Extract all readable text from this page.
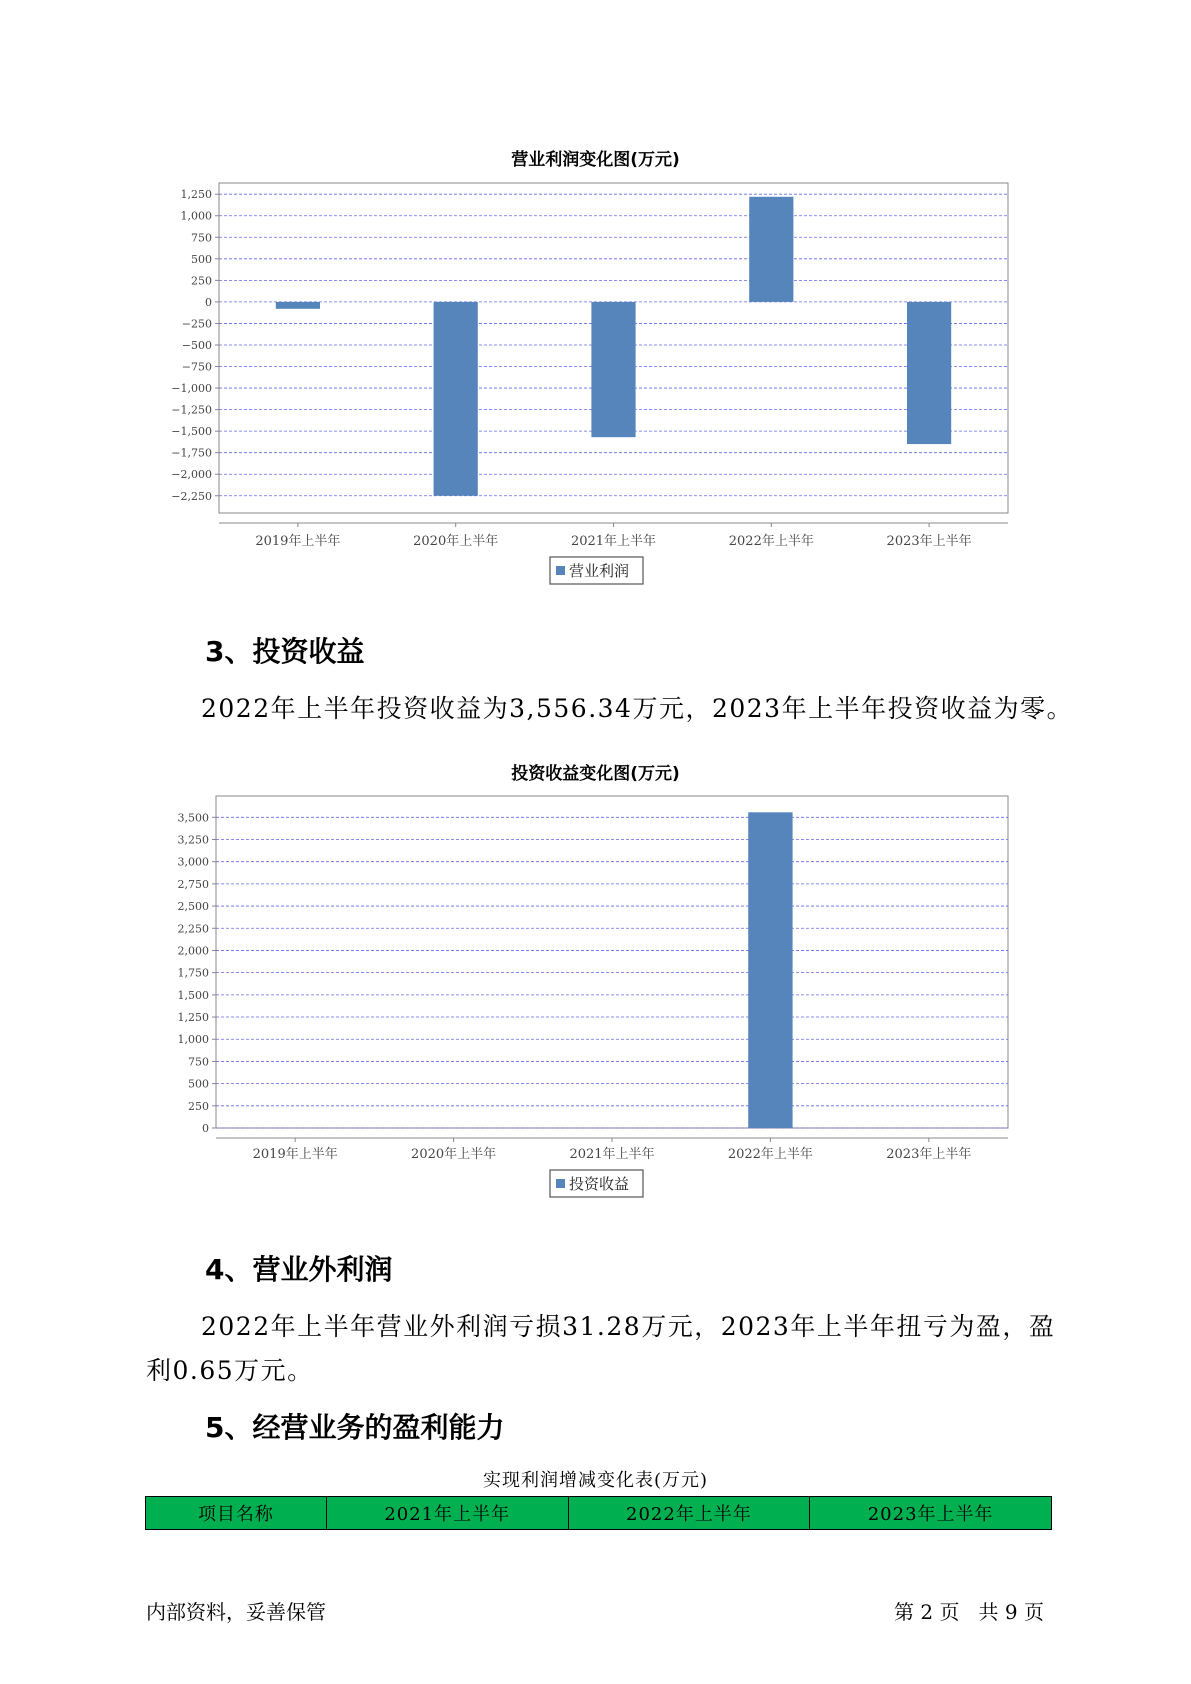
营业利润变化图(万元)
1,250
1,000
750
500
250
0
−250
−500
−750
−1,000
−1,250
−1,500
−1,750
−2,000
−2,250
2019年上半年	2020年上半年	2021年上半年	2022年上半年	2023年上半年
营业利润
3、投资收益
2022年上半年投资收益为3,556.34万元，2023年上半年投资收益为零。
投资收益变化图(万元)
3,500
3,250
3,000
2,750
2,500
2,250
2,000
1,750
1,500
1,250
1,000
750
500
250
0
2019年上半年	2020年上半年	2021年上半年	2022年上半年	2023年上半年
投资收益
4、营业外利润
2022年上半年营业外利润亏损31.28万元，2023年上半年扭亏为盈，盈
利0.65万元。
5、经营业务的盈利能力
实现利润增减变化表(万元)
项目名称	2021年上半年	2022年上半年	2023年上半年
内部资料，妥善保管	第 2 页   共 9 页
